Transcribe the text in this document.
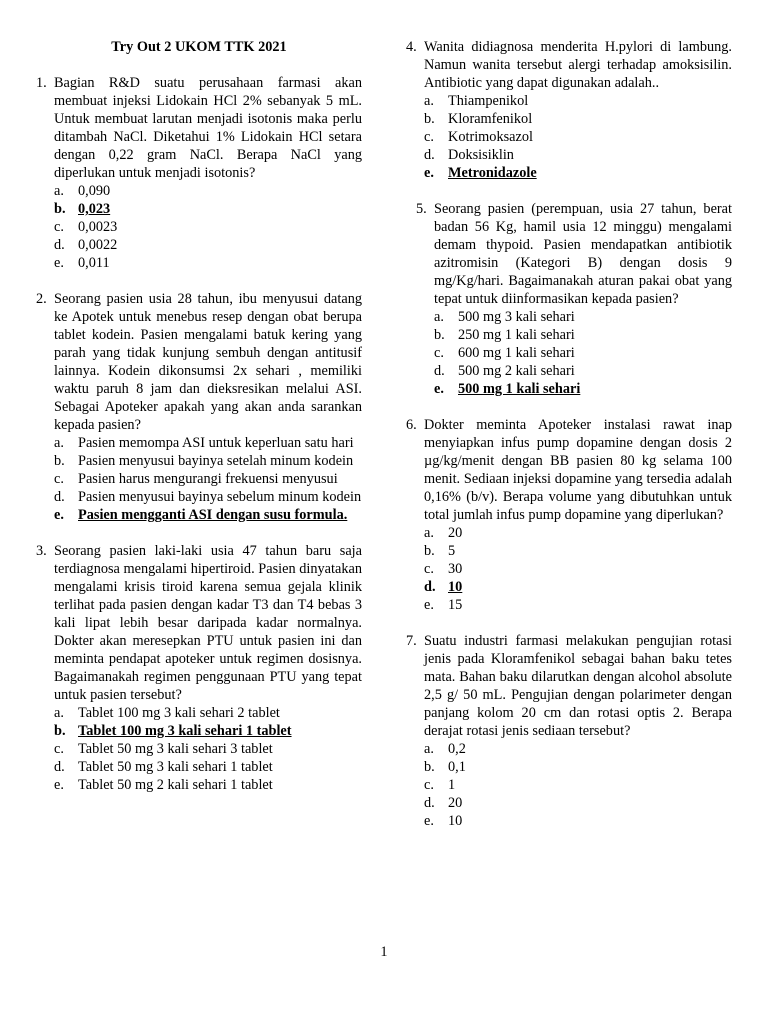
Try Out 2 UKOM TTK 2021
1. Bagian R&D suatu perusahaan farmasi akan membuat injeksi Lidokain HCl 2% sebanyak 5 mL. Untuk membuat larutan menjadi isotonis maka perlu ditambah NaCl. Diketahui 1% Lidokain HCl setara dengan 0,22 gram NaCl. Berapa NaCl yang diperlukan untuk menjadi isotonis?

a. 0,090
b. 0,023
c. 0,0023
d. 0,0022
e. 0,011
2. Seorang pasien usia 28 tahun, ibu menyusui datang ke Apotek untuk menebus resep dengan obat berupa tablet kodein. Pasien mengalami batuk kering yang parah yang tidak kunjung sembuh dengan antitusif lainnya. Kodein dikonsumsi 2x sehari , memiliki waktu paruh 8 jam dan dieksresikan melalui ASI. Sebagai Apoteker apakah yang akan anda sarankan kepada pasien?

a. Pasien memompa ASI untuk keperluan satu hari
b. Pasien menyusui bayinya setelah minum kodein
c. Pasien harus mengurangi frekuensi menyusui
d. Pasien menyusui bayinya sebelum minum kodein
e. Pasien mengganti ASI dengan susu formula.
3. Seorang pasien laki-laki usia 47 tahun baru saja terdiagnosa mengalami hipertiroid. Pasien dinyatakan mengalami krisis tiroid karena semua gejala klinik terlihat pada pasien dengan kadar T3 dan T4 bebas 3 kali lipat lebih besar daripada kadar normalnya. Dokter akan meresepkan PTU untuk pasien ini dan meminta pendapat apoteker untuk regimen dosisnya. Bagaimanakah regimen penggunaan PTU yang tepat untuk pasien tersebut?

a. Tablet 100 mg 3 kali sehari 2 tablet
b. Tablet 100 mg 3 kali sehari 1 tablet
c. Tablet 50 mg 3 kali sehari 3 tablet
d. Tablet 50 mg 3 kali sehari 1 tablet
e. Tablet 50 mg 2 kali sehari 1 tablet
4. Wanita didiagnosa menderita H.pylori di lambung. Namun wanita tersebut alergi terhadap amoksisilin. Antibiotic yang dapat digunakan adalah..

a. Thiampenikol
b. Kloramfenikol
c. Kotrimoksazol
d. Doksisiklin
e. Metronidazole
5. Seorang pasien (perempuan, usia 27 tahun, berat badan 56 Kg, hamil usia 12 minggu) mengalami demam thypoid. Pasien mendapatkan antibiotik azitromisin (Kategori B) dengan dosis 9 mg/Kg/hari. Bagaimanakah aturan pakai obat yang tepat untuk diinformasikan kepada pasien?

a. 500 mg 3 kali sehari
b. 250 mg 1 kali sehari
c. 600 mg 1 kali sehari
d. 500 mg 2 kali sehari
e. 500 mg 1 kali sehari
6. Dokter meminta Apoteker instalasi rawat inap menyiapkan infus pump dopamine dengan dosis 2 µg/kg/menit dengan BB pasien 80 kg selama 100 menit. Sediaan injeksi dopamine yang tersedia adalah 0,16% (b/v). Berapa volume yang dibutuhkan untuk total jumlah infus pump dopamine yang diperlukan?

a. 20
b. 5
c. 30
d. 10
e. 15
7. Suatu industri farmasi melakukan pengujian rotasi jenis pada Kloramfenikol sebagai bahan baku tetes mata. Bahan baku dilarutkan dengan alcohol absolute 2,5 g/ 50 mL. Pengujian dengan polarimeter dengan panjang kolom 20 cm dan rotasi optis 2. Berapa derajat rotasi jenis sediaan tersebut?

a. 0,2
b. 0,1
c. 1
d. 20
e. 10
1
